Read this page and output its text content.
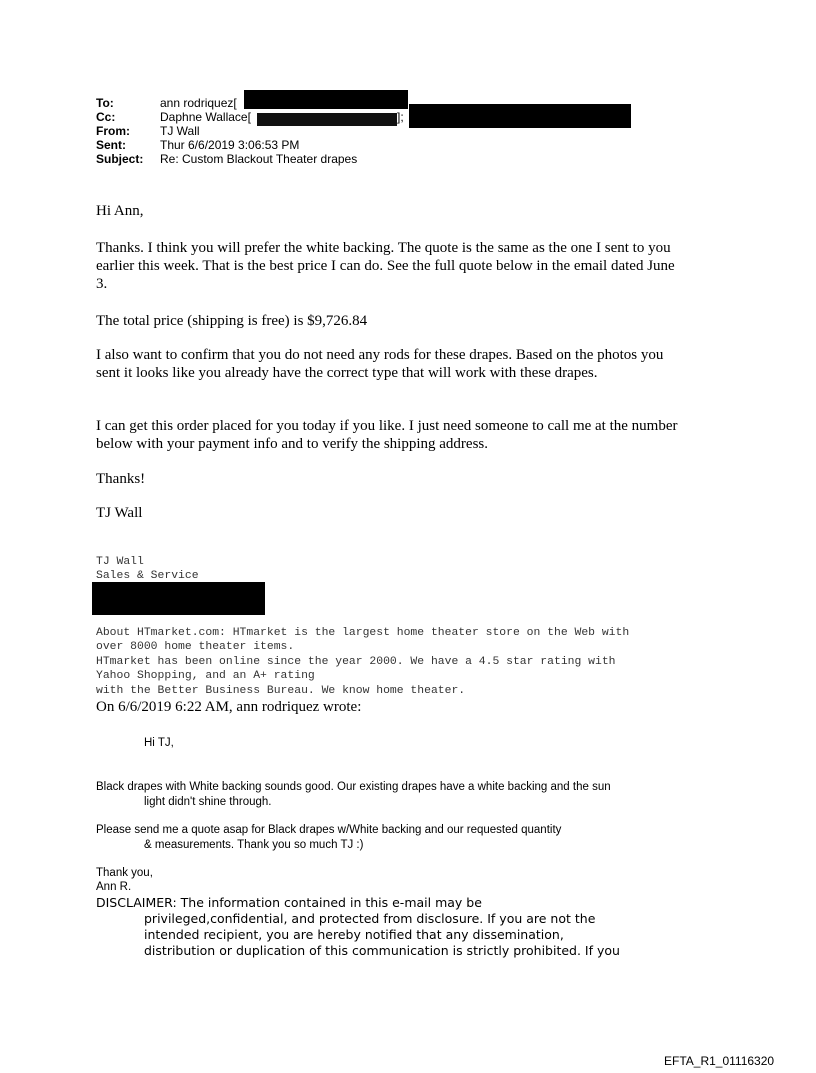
To:	ann rodriquez[
Cc:	Daphne Wallace[	];
From:	TJ Wall
Sent:	Thur 6/6/2019 3:06:53 PM
Subject: Re: Custom Blackout Theater drapes
Hi Ann,
Thanks. I think you will prefer the white backing. The quote is the same as the one I sent to you
earlier this week. That is the best price I can do. See the full quote below in the email dated June
3.
The total price (shipping is free) is $9,726.84
I also want to confirm that you do not need any rods for these drapes. Based on the photos you
sent it looks like you already have the correct type that will work with these drapes.
I can get this order placed for you today if you like. I just need someone to call me at the number
below with your payment info and to verify the shipping address.
Thanks!
TJ Wall
TJ Wall
Sales & Service
About HTmarket.com: HTmarket is the largest home theater store on the Web with
over 8000 home theater items.
HTmarket has been online since the year 2000. We have a 4.5 star rating with
Yahoo Shopping, and an A+ rating
with the Better Business Bureau. We know home theater.
On 6/6/2019 6:22 AM, ann rodriquez wrote:
Hi TJ,
Black drapes with White backing sounds good. Our existing drapes have a white backing and the sun
light didn't shine through.
Please send me a quote asap for Black drapes w/White backing and our requested quantity
& measurements. Thank you so much TJ :)
Thank you,
Ann R.
DISCLAIMER: The information contained in this e-mail may be
privileged,confidential, and protected from disclosure. If you are not the
intended recipient, you are hereby notified that any dissemination,
distribution or duplication of this communication is strictly prohibited. If you
EFTA_R1_01116320
